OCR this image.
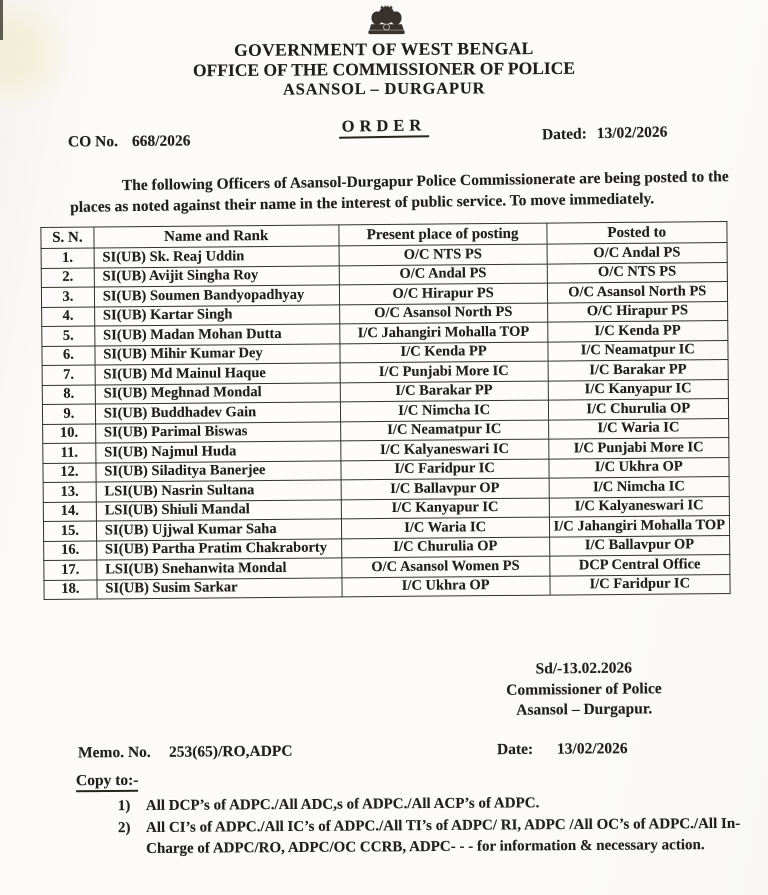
GOVERNMENT OF WEST BENGAL
OFFICE OF THE COMMISSIONER OF POLICE
ASANSOL – DURGAPUR
ORDER
CO No. 668/2026	Dated: 13/02/2026
The following Officers of Asansol-Durgapur Police Commissionerate are being posted to the places as noted against their name in the interest of public service. To move immediately.
S. N.	Name and Rank	Present place of posting	Posted to
1.	SI(UB) Sk. Reaj Uddin	O/C NTS PS	O/C Andal PS
2.	SI(UB) Avijit Singha Roy	O/C Andal PS	O/C NTS PS
3.	SI(UB) Soumen Bandyopadhyay	O/C Hirapur PS	O/C Asansol North PS
4.	SI(UB) Kartar Singh	O/C Asansol North PS	O/C Hirapur PS
5.	SI(UB) Madan Mohan Dutta	I/C Jahangiri Mohalla TOP	I/C Kenda PP
6.	SI(UB) Mihir Kumar Dey	I/C Kenda PP	I/C Neamatpur IC
7.	SI(UB) Md Mainul Haque	I/C Punjabi More IC	I/C Barakar PP
8.	SI(UB) Meghnad Mondal	I/C Barakar PP	I/C Kanyapur IC
9.	SI(UB) Buddhadev Gain	I/C Nimcha IC	I/C Churulia OP
10.	SI(UB) Parimal Biswas	I/C Neamatpur IC	I/C Waria IC
11.	SI(UB) Najmul Huda	I/C Kalyaneswari IC	I/C Punjabi More IC
12.	SI(UB) Siladitya Banerjee	I/C Faridpur IC	I/C Ukhra OP
13.	LSI(UB) Nasrin Sultana	I/C Ballavpur OP	I/C Nimcha IC
14.	LSI(UB) Shiuli Mandal	I/C Kanyapur IC	I/C Kalyaneswari IC
15.	SI(UB) Ujjwal Kumar Saha	I/C Waria IC	I/C Jahangiri Mohalla TOP
16.	SI(UB) Partha Pratim Chakraborty	I/C Churulia OP	I/C Ballavpur OP
17.	LSI(UB) Snehanwita Mondal	O/C Asansol Women PS	DCP Central Office
18.	SI(UB) Susim Sarkar	I/C Ukhra OP	I/C Faridpur IC
Sd/-13.02.2026
Commissioner of Police
Asansol – Durgapur.
Memo. No. 253(65)/RO,ADPC	Date: 13/02/2026
Copy to:-
1) All DCP’s of ADPC./All ADC,s of ADPC./All ACP’s of ADPC.
2) All CI’s of ADPC./All IC’s of ADPC./All TI’s of ADPC/ RI, ADPC /All OC’s of ADPC./All In-Charge of ADPC/RO, ADPC/OC CCRB, ADPC- - - for information & necessary action.
